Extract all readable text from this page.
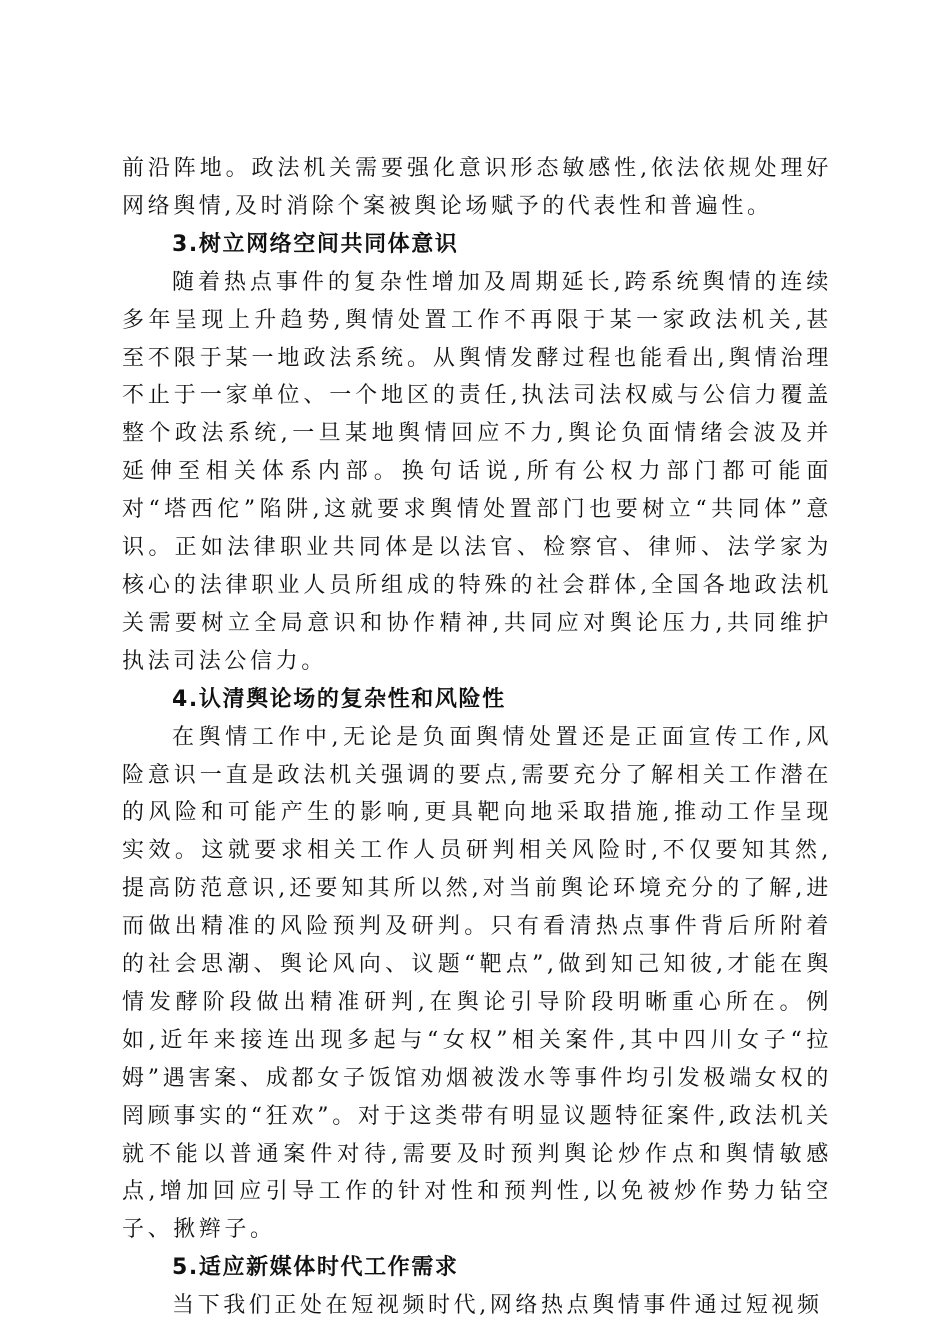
前沿阵地。政法机关需要强化意识形态敏感性,依法依规处理好网络舆情,及时消除个案被舆论场赋予的代表性和普遍性。

3.树立网络空间共同体意识

随着热点事件的复杂性增加及周期延长,跨系统舆情的连续多年呈现上升趋势,舆情处置工作不再限于某一家政法机关,甚至不限于某一地政法系统。从舆情发酵过程也能看出,舆情治理不止于一家单位、一个地区的责任,执法司法权威与公信力覆盖整个政法系统,一旦某地舆情回应不力,舆论负面情绪会波及并延伸至相关体系内部。换句话说,所有公权力部门都可能面对“塔西佗”陷阱,这就要求舆情处置部门也要树立“共同体”意识。正如法律职业共同体是以法官、检察官、律师、法学家为核心的法律职业人员所组成的特殊的社会群体,全国各地政法机关需要树立全局意识和协作精神,共同应对舆论压力,共同维护执法司法公信力。

4.认清舆论场的复杂性和风险性

在舆情工作中,无论是负面舆情处置还是正面宣传工作,风险意识一直是政法机关强调的要点,需要充分了解相关工作潜在的风险和可能产生的影响,更具靶向地采取措施,推动工作呈现实效。这就要求相关工作人员研判相关风险时,不仅要知其然,提高防范意识,还要知其所以然,对当前舆论环境充分的了解,进而做出精准的风险预判及研判。只有看清热点事件背后所附着的社会思潮、舆论风向、议题“靶点”,做到知己知彼,才能在舆情发酵阶段做出精准研判,在舆论引导阶段明晰重心所在。例如,近年来接连出现多起与“女权”相关案件,其中四川女子“拉姆”遇害案、成都女子饭馆劝烟被泼水等事件均引发极端女权的罔顾事实的“狂欢”。对于这类带有明显议题特征案件,政法机关就不能以普通案件对待,需要及时预判舆论炒作点和舆情敏感点,增加回应引导工作的针对性和预判性,以免被炒作势力钻空子、揪辫子。

5.适应新媒体时代工作需求

当下我们正处在短视频时代,网络热点舆情事件通过短视频
